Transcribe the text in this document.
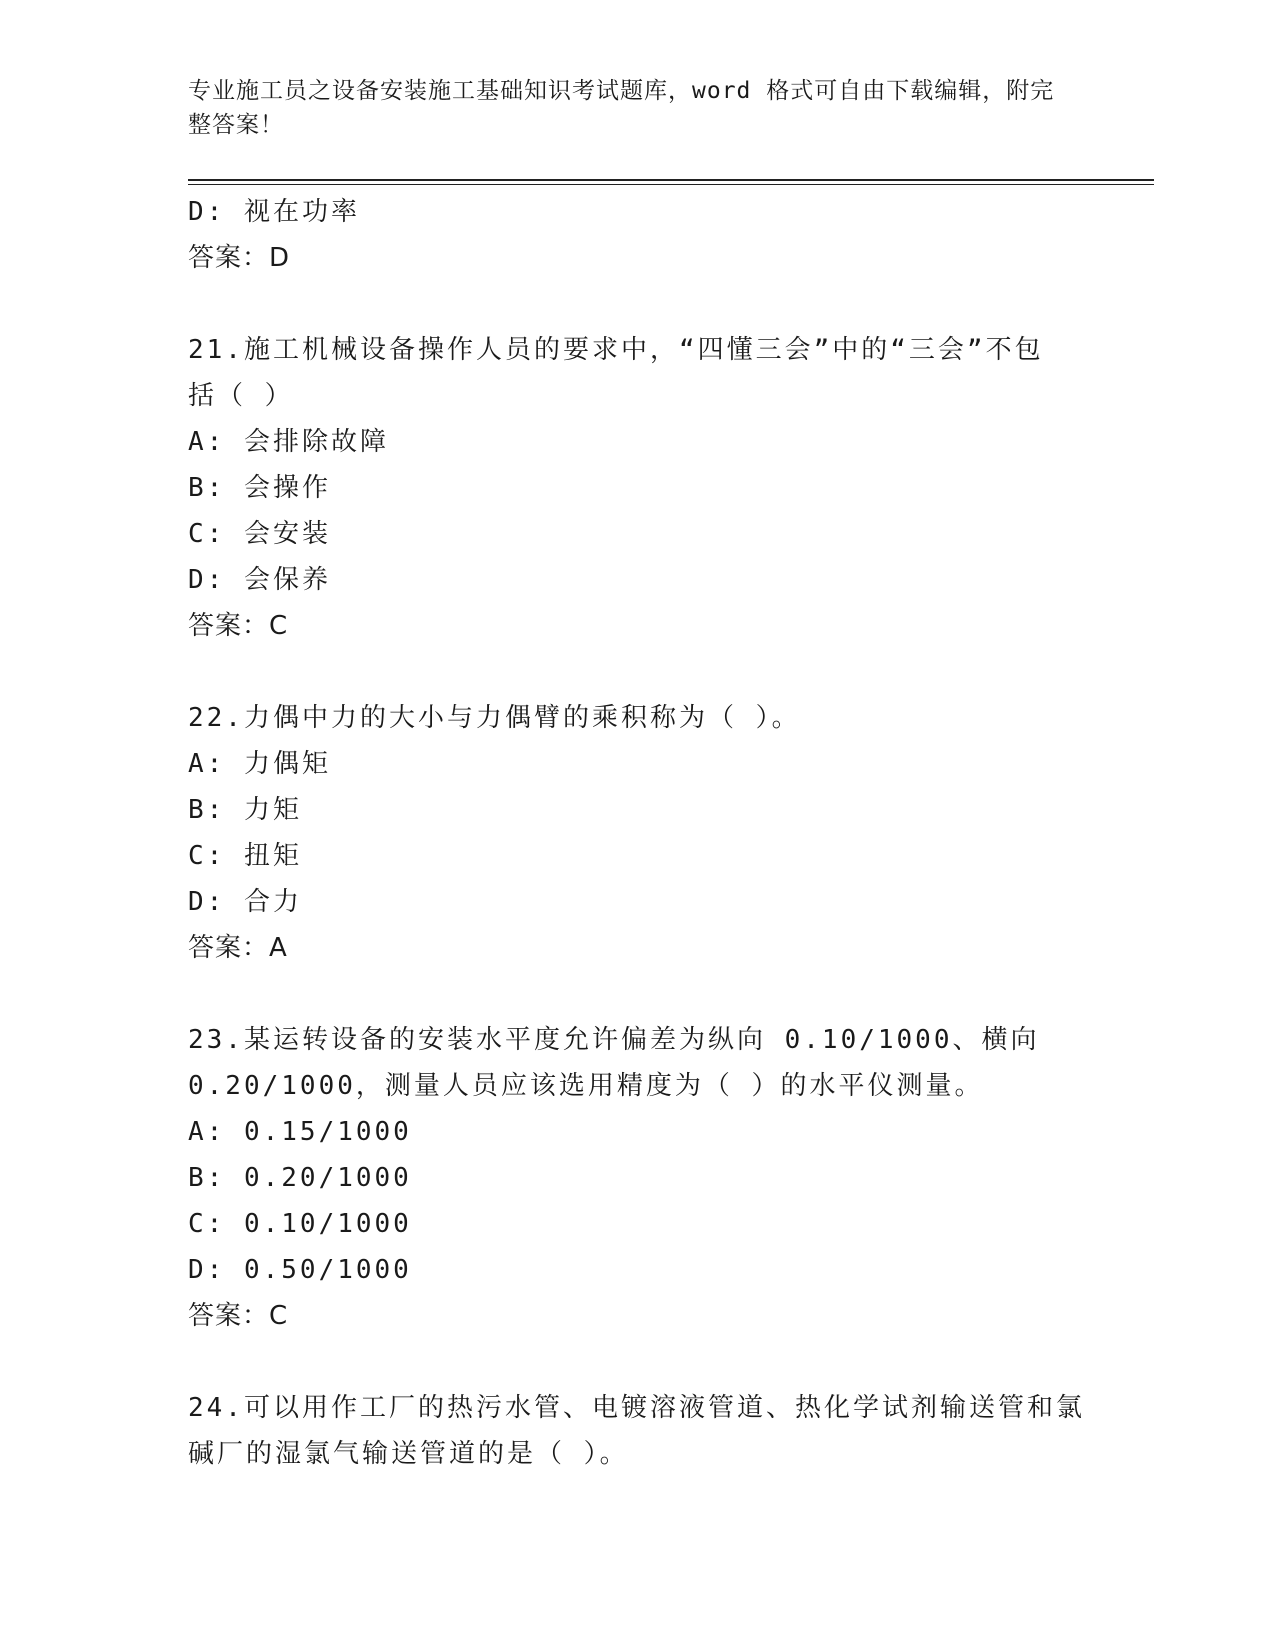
专业施工员之设备安装施工基础知识考试题库，word 格式可自由下载编辑，附完
整答案！
D: 视在功率
答案：D
21.施工机械设备操作人员的要求中，“四懂三会”中的“三会”不包
括（ ）
A: 会排除故障
B: 会操作
C: 会安装
D: 会保养
答案：C
22.力偶中力的大小与力偶臂的乘积称为（ ）。
A: 力偶矩
B: 力矩
C: 扭矩
D: 合力
答案：A
23.某运转设备的安装水平度允许偏差为纵向 0.10/1000、横向
0.20/1000，测量人员应该选用精度为（ ）的水平仪测量。
A: 0.15/1000
B: 0.20/1000
C: 0.10/1000
D: 0.50/1000
答案：C
24.可以用作工厂的热污水管、电镀溶液管道、热化学试剂输送管和氯
碱厂的湿氯气输送管道的是（ ）。
